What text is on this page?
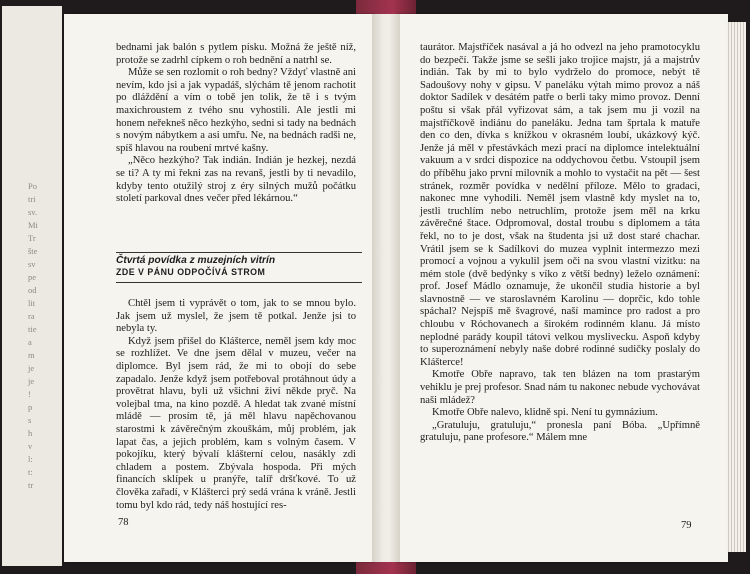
Po
tri
sv.
Mi
Tr
šte
sv
pe
od
lit
ra
tie
a
m
je
je
!
p
s
h
v
l:
t:
tr

bednami jak balón s pytlem písku. Možná že ještě níž, protože se zadrhl cípkem o roh bednění a natrhl se.

Může se sen rozlomit o roh bedny? Vždyť vlastně ani nevím, kdo jsi a jak vypadáš, slýchám tě jenom rachotit po dláždění a vím o tobě jen tolik, že tě i s tvým maxichroustem z tvého snu vyhostili. Ale jestli mi honem neřekneš něco hezkýho, sedni si tady na bednách s novým nábytkem a asi umřu. Ne, na bednách radši ne, spíš hlavou na roubení mrtvé kašny.

„Něco hezkýho? Tak indián. Indián je hezkej, nezdá se ti? A ty mi řekni zas na revanš, jestli by ti nevadilo, kdyby tento otužilý stroj z éry silných mužů počátku století parkoval dnes večer před lékárnou.“

Čtvrtá povídka z muzejních vitrín
ZDE V PÁNU ODPOČÍVÁ STROM

Chtěl jsem ti vyprávět o tom, jak to se mnou bylo. Jak jsem už myslel, že jsem tě potkal. Jenže jsi to nebyla ty.

Když jsem přišel do Klášterce, neměl jsem kdy moc se rozhlížet. Ve dne jsem dělal v muzeu, večer na diplomce. Byl jsem rád, že mi to obojí do sebe zapadalo. Jenže když jsem potřeboval protáhnout údy a provětrat hlavu, byli už všichni živí někde pryč. Na volejbal tma, na kino pozdě. A hledat tak zvané místní mládě — prosím tě, já měl hlavu napěchovanou starostmi k závěrečným zkouškám, můj problém, jak lapat čas, a jejich problém, kam s volným časem. V pokojíku, který bývalí klášterní celou, nasákly zdi chladem a postem. Zbývala hospoda. Při mých financích sklípek u pranýře, talíř dršťkové. To už člověka zařadí, v Klášterci prý sedá vrána k vráně. Jestli tomu byl kdo rád, tedy náš hostující res-

78

taurátor. Majstříček nasával a já ho odvezl na jeho pramotocyklu do bezpečí. Takže jsme se sešli jako trojice majstr, já a majstrův indián. Tak by mi to bylo vydrželo do promoce, nebýt tě Sadoušovy nohy v gipsu. V paneláku výtah mimo provoz a náš doktor Sadílek v desátém patře o berli taky mimo provoz. Denní poštu si však přál vyřizovat sám, a tak jsem mu ji vozil na majstříčkově indiánu do paneláku. Jedna tam šprtala k matuře den co den, dívka s knížkou v okrasném loubí, ukázkový kýč. Jenže já měl v přestávkách mezi prací na diplomce intelektuální vakuum a v srdci dispozice na oddychovou četbu. Vstoupil jsem do příběhu jako první milovník a mohlo to vystačit na pět — šest stránek, rozměr povídka v nedělní příloze. Mělo to gradaci, nakonec mne vyhodili. Neměl jsem vlastně kdy myslet na to, jestli truchlím nebo netruchlím, protože jsem měl na krku závěrečné štace. Odpromoval, dostal troubu s diplomem a táta řekl, no to je dost, však na študenta jsi už dost staré chachar. Vrátil jsem se k Sadílkovi do muzea vyplnit intermezzo mezi promocí a vojnou a vykulil jsem oči na svou vlastní vizitku: na mém stole (dvě bedýnky s víko z větší bedny) leželo oznámení: prof. Josef Mádlo oznamuje, že ukončil studia historie a byl slavnostně — ve staroslavném Karolinu — doprčic, kdo tohle spáchal? Nejspíš mě švagrové, naší mamince pro radost a pro chloubu v Róchovanech a širokém rodinném klanu. Já místo neplodné parády koupil tátovi velkou myslivecku. Aspoň kdyby to superoznámení nebyly naše dobré rodinné sudičky poslaly do Klášterce!

Kmotře Obře napravo, tak ten blázen na tom prastarým vehiklu je prej profesor. Snad nám tu nakonec nebude vychovávat naši mládež?

Kmotře Obře nalevo, klidně spi. Není tu gymnázium.

„Gratuluju, gratuluju,“ pronesla paní Bóba. „Upřímně gratuluju, pane profesore.“ Málem mne

79
